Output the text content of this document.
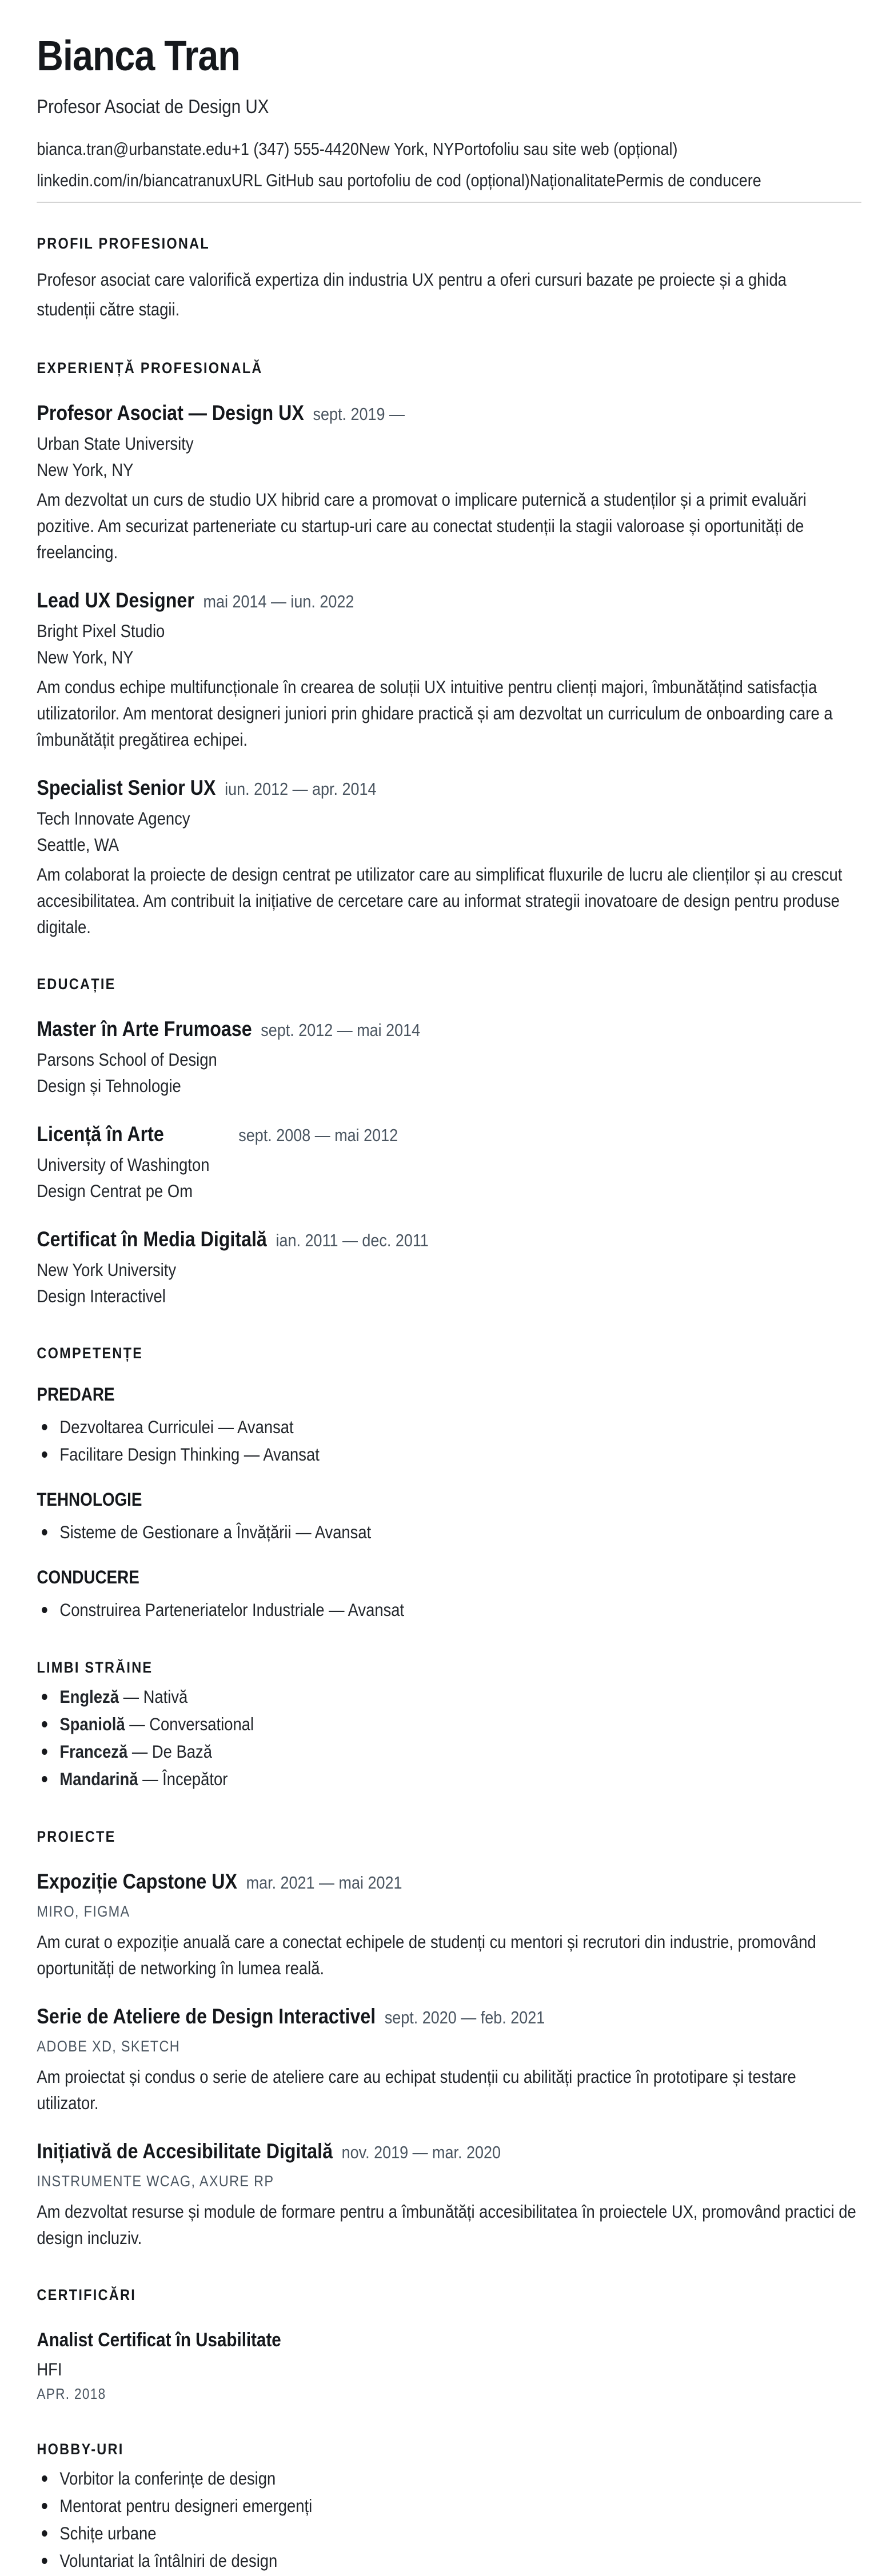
Bianca Tran

Profesor Asociat de Design UX

bianca.tran@urbanstate.edu+1 (347) 555-4420New York, NYPortofoliu sau site web (opțional)
linkedin.com/in/biancatranuxURL GitHub sau portofoliu de cod (opțional)NaționalitatePermis de conducere
PROFIL PROFESIONAL

Profesor asociat care valorifică expertiza din industria UX pentru a oferi cursuri bazate pe proiecte și a ghida studenții către stagii.

EXPERIENȚĂ PROFESIONALĂ
Profesor Asociat — Design UX sept. 2019 —

Urban State University

New York, NY

Am dezvoltat un curs de studio UX hibrid care a promovat o implicare puternică a studenților și a primit evaluări pozitive. Am securizat parteneriate cu startup-uri care au conectat studenții la stagii valoroase și oportunități de freelancing.

Lead UX Designer mai 2014 — iun. 2022

Bright Pixel Studio

New York, NY

Am condus echipe multifuncționale în crearea de soluții UX intuitive pentru clienți majori, îmbunătățind satisfacția utilizatorilor. Am mentorat designeri juniori prin ghidare practică și am dezvoltat un curriculum de onboarding care a îmbunătățit pregătirea echipei.

Specialist Senior UX iun. 2012 — apr. 2014

Tech Innovate Agency

Seattle, WA

Am colaborat la proiecte de design centrat pe utilizator care au simplificat fluxurile de lucru ale clienților și au crescut accesibilitatea. Am contribuit la inițiative de cercetare care au informat strategii inovatoare de design pentru produse digitale.

EDUCAȚIE
Master în Arte Frumoase sept. 2012 — mai 2014

Parsons School of Design

Design și Tehnologie

Licență în Arte	sept. 2008 — mai 2012

University of Washington

Design Centrat pe Om

Certificat în Media Digitală ian. 2011 — dec. 2011

New York University

Design Interactivel

COMPETENȚE

PREDARE

Dezvoltarea Curriculei — Avansat
Facilitare Design Thinking — Avansat

TEHNOLOGIE

Sisteme de Gestionare a Învățării — Avansat

CONDUCERE

Construirea Parteneriatelor Industriale — Avansat
LIMBI STRĂINE
Engleză — Nativă
Spaniolă — Conversational
Franceză — De Bază
Mandarină — Începător
PROIECTE
Expoziție Capstone UX mar. 2021 — mai 2021

MIRO, FIGMA

Am curat o expoziție anuală care a conectat echipele de studenți cu mentori și recrutori din industrie, promovând oportunități de networking în lumea reală.

Serie de Ateliere de Design Interactivel sept. 2020 — feb. 2021

ADOBE XD, SKETCH

Am proiectat și condus o serie de ateliere care au echipat studenții cu abilități practice în prototipare și testare utilizator.

Inițiativă de Accesibilitate Digitală nov. 2019 — mar. 2020

INSTRUMENTE WCAG, AXURE RP

Am dezvoltat resurse și module de formare pentru a îmbunătăți accesibilitatea în proiectele UX, promovând practici de design incluziv.

CERTIFICĂRI

Analist Certificat în Usabilitate

HFI

APR. 2018

HOBBY-URI
Vorbitor la conferințe de design
Mentorat pentru designeri emergenți
Schițe urbane
Voluntariat la întâlniri de design
